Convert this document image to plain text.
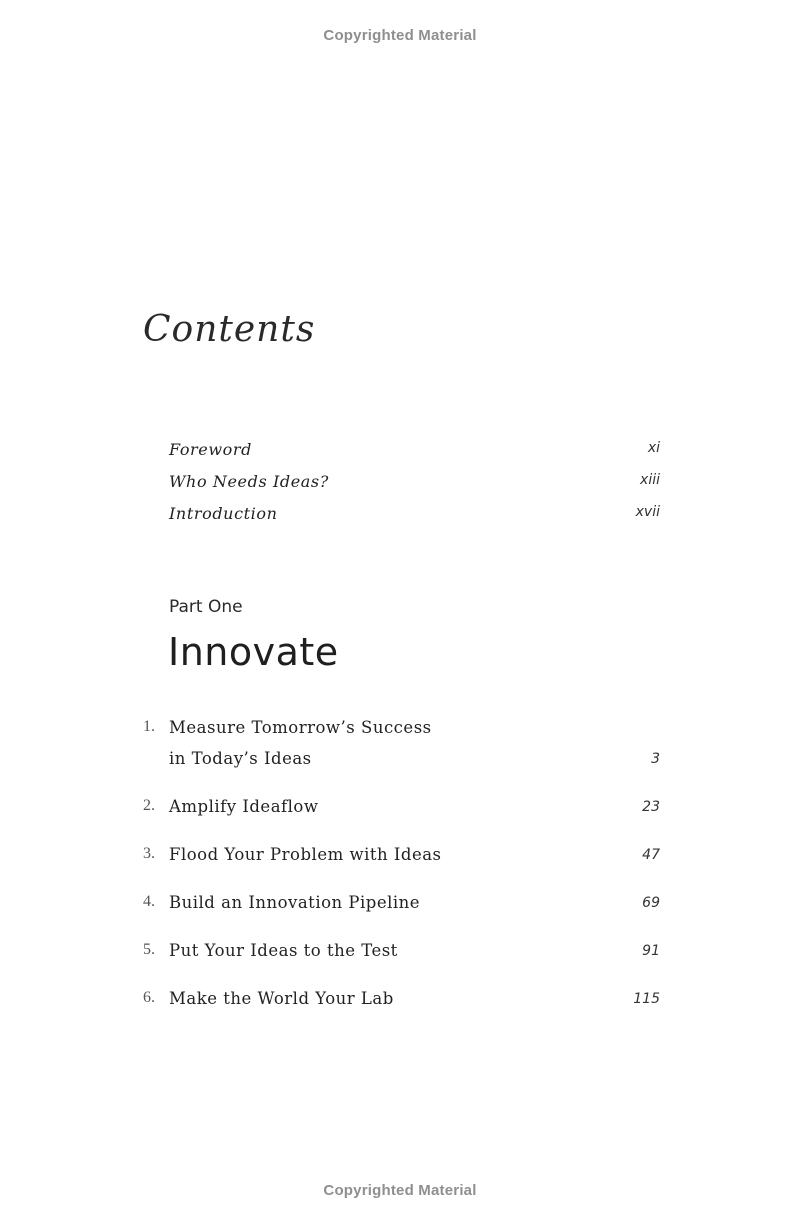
Copyrighted Material
Contents
Foreword	xi
Who Needs Ideas?	xiii
Introduction	xvii
Part One
Innovate
1. Measure Tomorrow’s Success
in Today’s Ideas	3
2. Amplify Ideaflow	23
3. Flood Your Problem with Ideas	47
4. Build an Innovation Pipeline	69
5. Put Your Ideas to the Test	91
6. Make the World Your Lab	115
Copyrighted Material
